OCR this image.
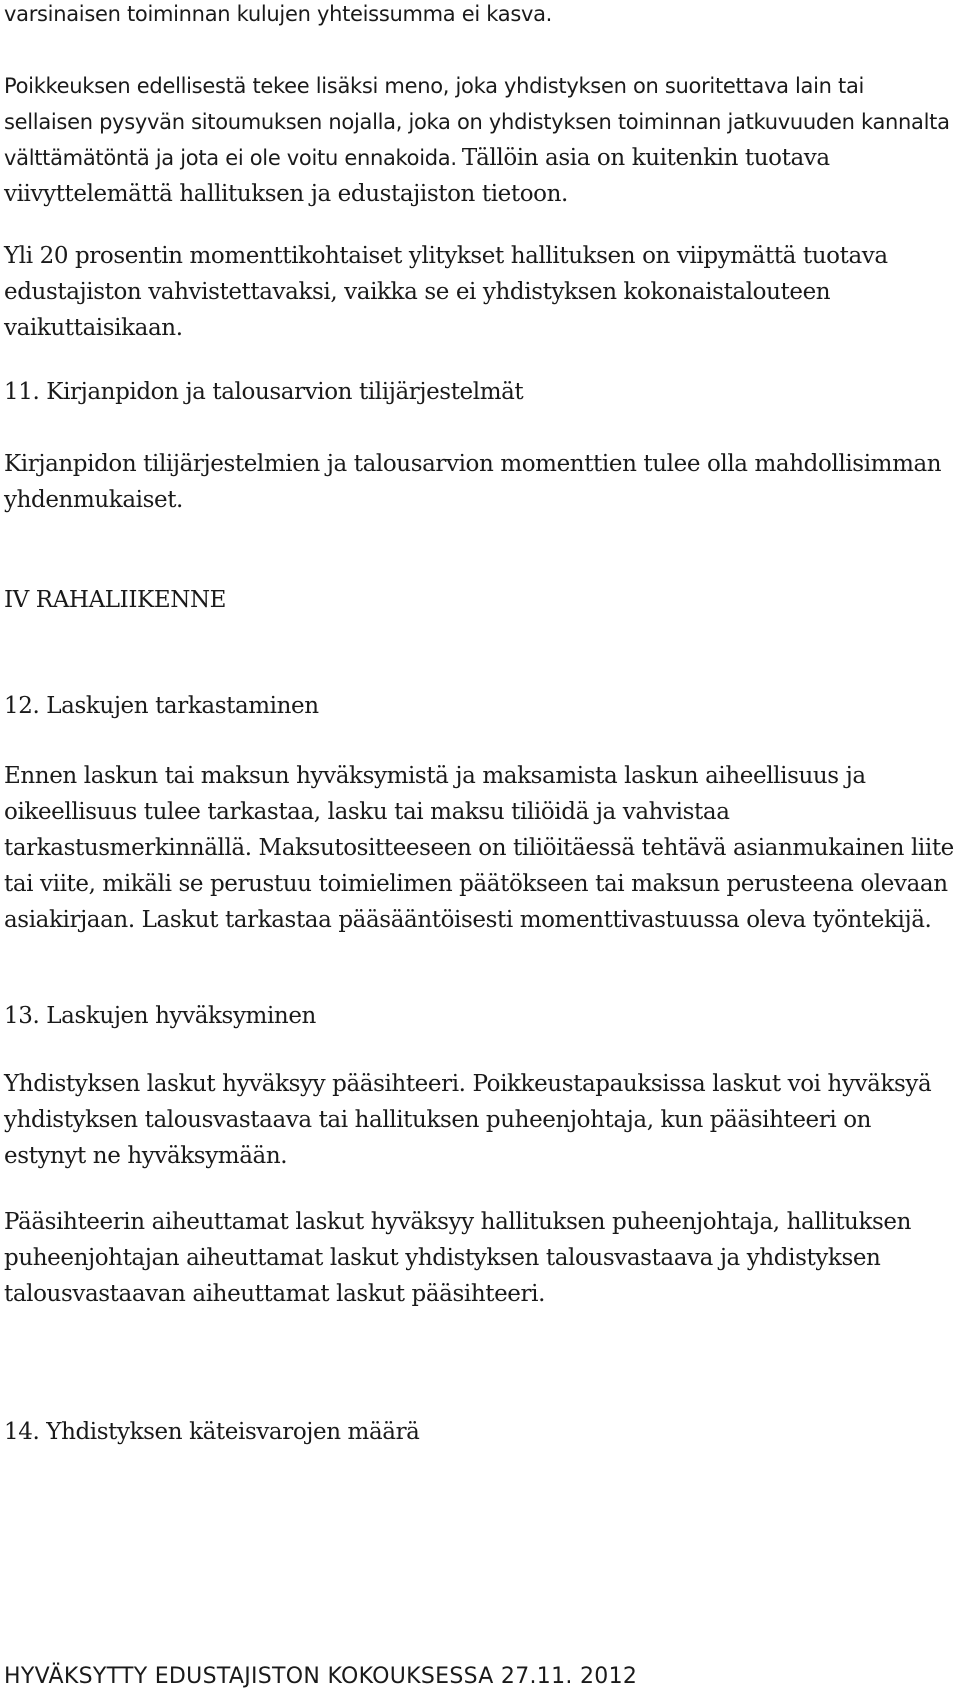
varsinaisen toiminnan kulujen yhteissumma ei kasva.

Poikkeuksen edellisestä tekee lisäksi meno, joka yhdistyksen on suoritettava lain tai sellaisen pysyvän sitoumuksen nojalla, joka on yhdistyksen toiminnan jatkuvuuden kannalta välttämätöntä ja jota ei ole voitu ennakoida. Tällöin asia on kuitenkin tuotava viivyttelemättä hallituksen ja edustajiston tietoon.

Yli 20 prosentin momenttikohtaiset ylitykset hallituksen on viipymättä tuotava edustajiston vahvistettavaksi, vaikka se ei yhdistyksen kokonaistalouteen vaikuttaisikaan.

11. Kirjanpidon ja talousarvion tilijärjestelmät

Kirjanpidon tilijärjestelmien ja talousarvion momenttien tulee olla mahdollisimman yhdenmukaiset.

IV RAHALIIKENNE
12. Laskujen tarkastaminen

Ennen laskun tai maksun hyväksymistä ja maksamista laskun aiheellisuus ja oikeellisuus tulee tarkastaa, lasku tai maksu tiliöidä ja vahvistaa tarkastusmerkinnällä. Maksutositteeseen on tiliöitäessä tehtävä asianmukainen liite tai viite, mikäli se perustuu toimielimen päätökseen tai maksun perusteena olevaan asiakirjaan. Laskut tarkastaa pääsääntöisesti momenttivastuussa oleva työntekijä.

13. Laskujen hyväksyminen

Yhdistyksen laskut hyväksyy pääsihteeri. Poikkeustapauksissa laskut voi hyväksyä yhdistyksen talousvastaava tai hallituksen puheenjohtaja, kun pääsihteeri on estynyt ne hyväksymään.

Pääsihteerin aiheuttamat laskut hyväksyy hallituksen puheenjohtaja, hallituksen puheenjohtajan aiheuttamat laskut yhdistyksen talousvastaava ja yhdistyksen talousvastaavan aiheuttamat laskut pääsihteeri.

14. Yhdistyksen käteisvarojen määrä
HYVÄKSYTTY EDUSTAJISTON KOKOUKSESSA 27.11. 2012
